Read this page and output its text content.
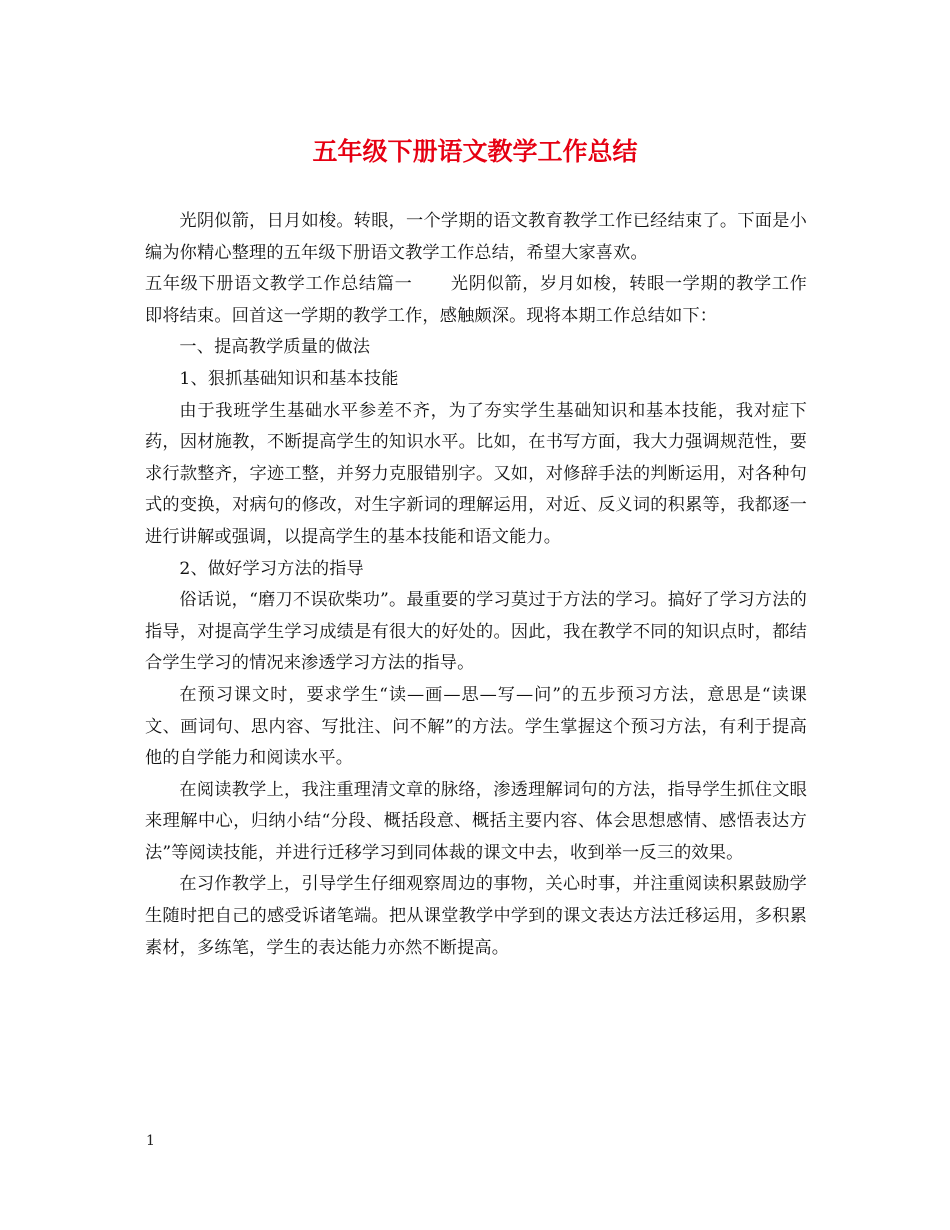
五年级下册语文教学工作总结

光阴似箭，日月如梭。转眼，一个学期的语文教育教学工作已经结束了。下面是小编为你精心整理的五年级下册语文教学工作总结，希望大家喜欢。

五年级下册语文教学工作总结篇一 光阴似箭，岁月如梭，转眼一学期的教学工作即将结束。回首这一学期的教学工作，感触颇深。现将本期工作总结如下：

一、提高教学质量的做法

1、狠抓基础知识和基本技能

由于我班学生基础水平参差不齐，为了夯实学生基础知识和基本技能，我对症下药，因材施教，不断提高学生的知识水平。比如，在书写方面，我大力强调规范性，要求行款整齐，字迹工整，并努力克服错别字。又如，对修辞手法的判断运用，对各种句式的变换，对病句的修改，对生字新词的理解运用，对近、反义词的积累等，我都逐一进行讲解或强调，以提高学生的基本技能和语文能力。

2、做好学习方法的指导

俗话说，“磨刀不误砍柴功”。最重要的学习莫过于方法的学习。搞好了学习方法的指导，对提高学生学习成绩是有很大的好处的。因此，我在教学不同的知识点时，都结合学生学习的情况来渗透学习方法的指导。

在预习课文时，要求学生“读—画—思—写—问”的五步预习方法，意思是“读课文、画词句、思内容、写批注、问不解”的方法。学生掌握这个预习方法，有利于提高他的自学能力和阅读水平。

在阅读教学上，我注重理清文章的脉络，渗透理解词句的方法，指导学生抓住文眼来理解中心，归纳小结“分段、概括段意、概括主要内容、体会思想感情、感悟表达方法”等阅读技能，并进行迁移学习到同体裁的课文中去，收到举一反三的效果。

在习作教学上，引导学生仔细观察周边的事物，关心时事，并注重阅读积累鼓励学生随时把自己的感受诉诸笔端。把从课堂教学中学到的课文表达方法迁移运用，多积累素材，多练笔，学生的表达能力亦然不断提高。

1
